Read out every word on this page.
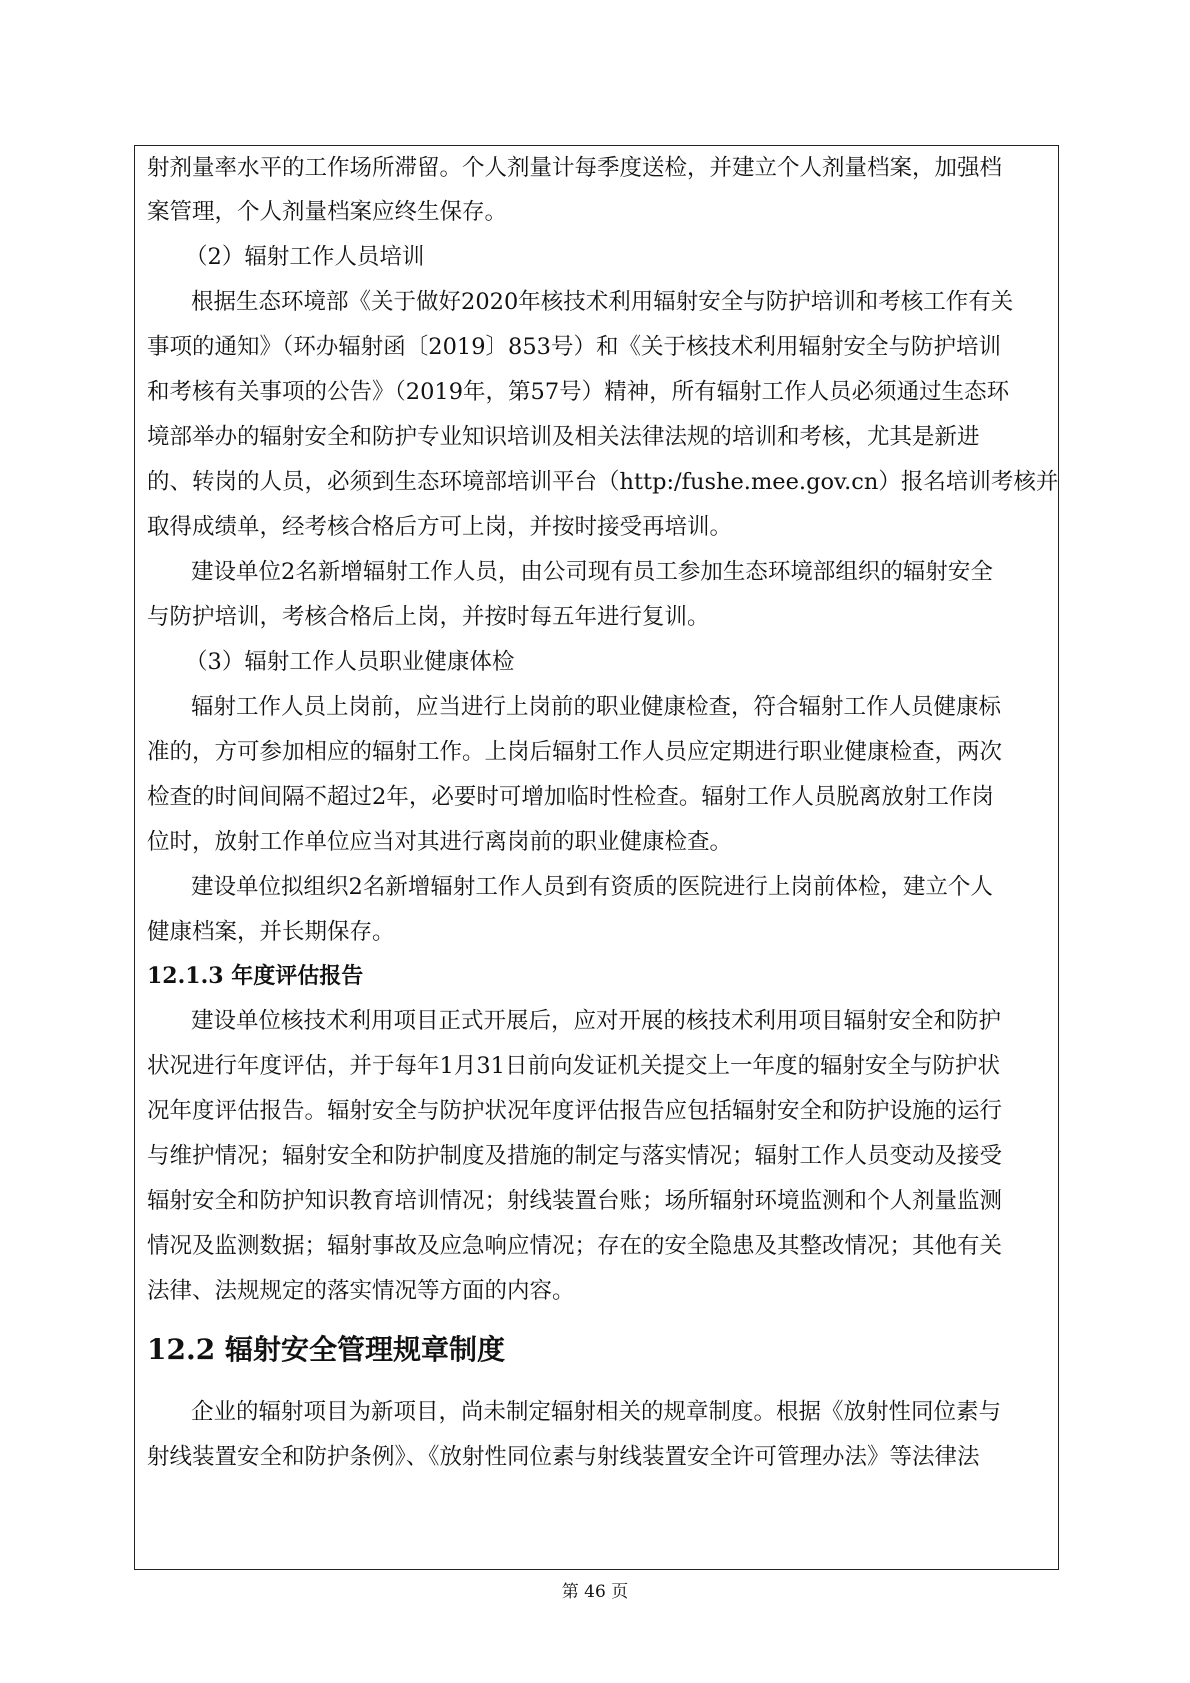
射剂量率水平的工作场所滞留。个人剂量计每季度送检，并建立个人剂量档案，加强档

案管理，个人剂量档案应终生保存。

（2）辐射工作人员培训

根据生态环境部《关于做好2020年核技术利用辐射安全与防护培训和考核工作有关

事项的通知》（环办辐射函〔2019〕853号）和《关于核技术利用辐射安全与防护培训

和考核有关事项的公告》（2019年，第57号）精神，所有辐射工作人员必须通过生态环

境部举办的辐射安全和防护专业知识培训及相关法律法规的培训和考核，尤其是新进

的、转岗的人员，必须到生态环境部培训平台（http:/fushe.mee.gov.cn）报名培训考核并

取得成绩单，经考核合格后方可上岗，并按时接受再培训。

建设单位2名新增辐射工作人员，由公司现有员工参加生态环境部组织的辐射安全

与防护培训，考核合格后上岗，并按时每五年进行复训。

（3）辐射工作人员职业健康体检

辐射工作人员上岗前，应当进行上岗前的职业健康检查，符合辐射工作人员健康标

准的，方可参加相应的辐射工作。上岗后辐射工作人员应定期进行职业健康检查，两次

检查的时间间隔不超过2年，必要时可增加临时性检查。辐射工作人员脱离放射工作岗

位时，放射工作单位应当对其进行离岗前的职业健康检查。

建设单位拟组织2名新增辐射工作人员到有资质的医院进行上岗前体检，建立个人

健康档案，并长期保存。

12.1.3 年度评估报告

建设单位核技术利用项目正式开展后，应对开展的核技术利用项目辐射安全和防护

状况进行年度评估，并于每年1月31日前向发证机关提交上一年度的辐射安全与防护状

况年度评估报告。辐射安全与防护状况年度评估报告应包括辐射安全和防护设施的运行

与维护情况；辐射安全和防护制度及措施的制定与落实情况；辐射工作人员变动及接受

辐射安全和防护知识教育培训情况；射线装置台账；场所辐射环境监测和个人剂量监测

情况及监测数据；辐射事故及应急响应情况；存在的安全隐患及其整改情况；其他有关

法律、法规规定的落实情况等方面的内容。

12.2 辐射安全管理规章制度

企业的辐射项目为新项目，尚未制定辐射相关的规章制度。根据《放射性同位素与

射线装置安全和防护条例》、《放射性同位素与射线装置安全许可管理办法》等法律法

第 46 页
